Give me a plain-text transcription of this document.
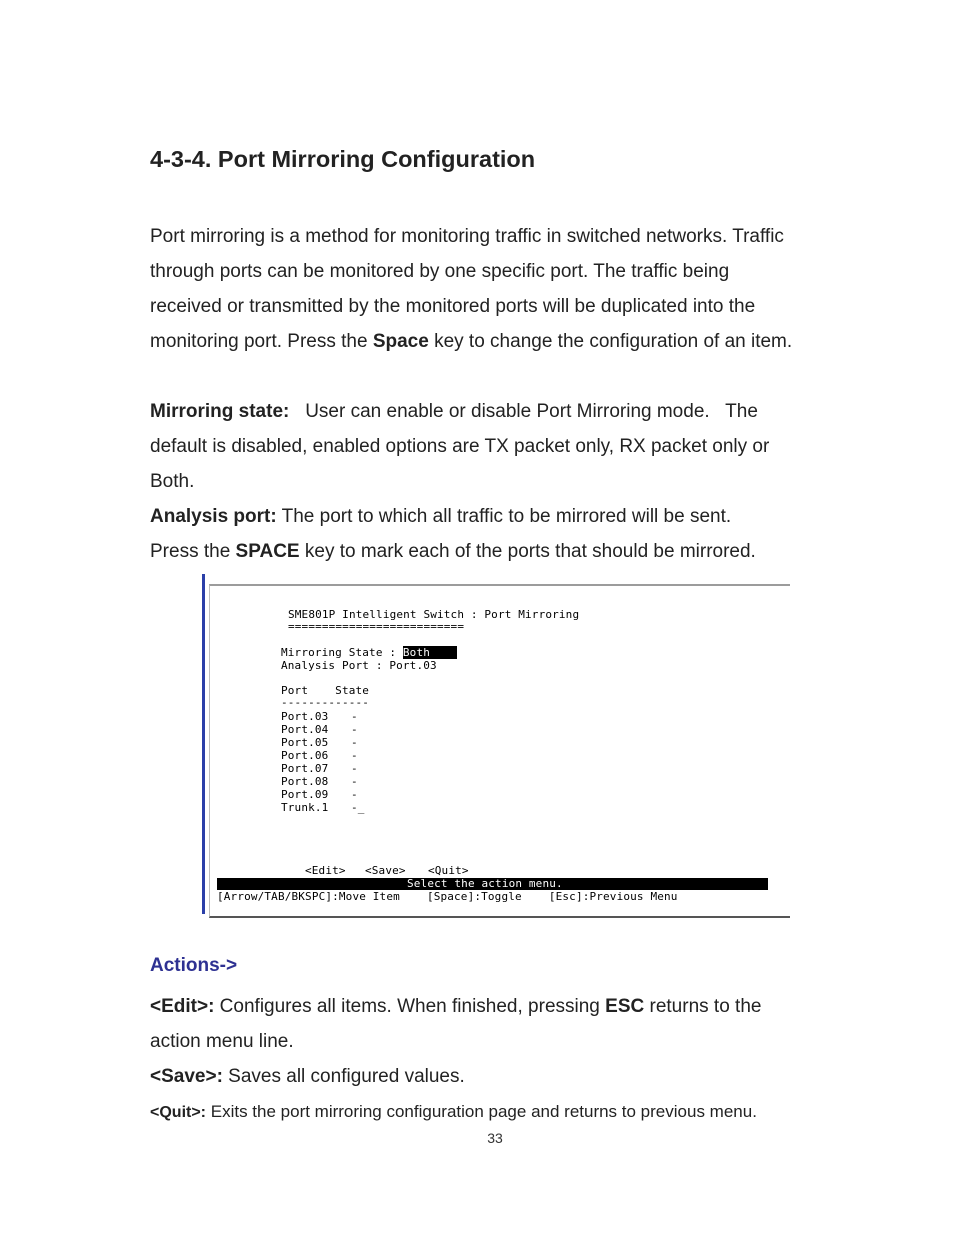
4-3-4. Port Mirroring Configuration
Port mirroring is a method for monitoring traffic in switched networks. Traffic
through ports can be monitored by one specific port. The traffic being
received or transmitted by the monitored ports will be duplicated into the
monitoring port. Press the Space key to change the configuration of an item.
Mirroring state:   User can enable or disable Port Mirroring mode.   The
default is disabled, enabled options are TX packet only, RX packet only or
Both.
Analysis port: The port to which all traffic to be mirrored will be sent.
Press the SPACE key to mark each of the ports that should be mirrored.
SME801P Intelligent Switch : Port Mirroring
==========================
Mirroring State : Both
Analysis Port : Port.03
Port    State
-------------
Port.03 -
Port.04 -
Port.05 -
Port.06 -
Port.07 -
Port.08 -
Port.09 -
Trunk.1 -_

<Edit>

<Save>

<Quit>

Select the action menu.
[Arrow/TAB/BKSPC]:Move Item    [Space]:Toggle    [Esc]:Previous Menu
Actions->
<Edit>: Configures all items. When finished, pressing ESC returns to the
action menu line.
<Save>: Saves all configured values.
<Quit>: Exits the port mirroring configuration page and returns to previous menu.
33
